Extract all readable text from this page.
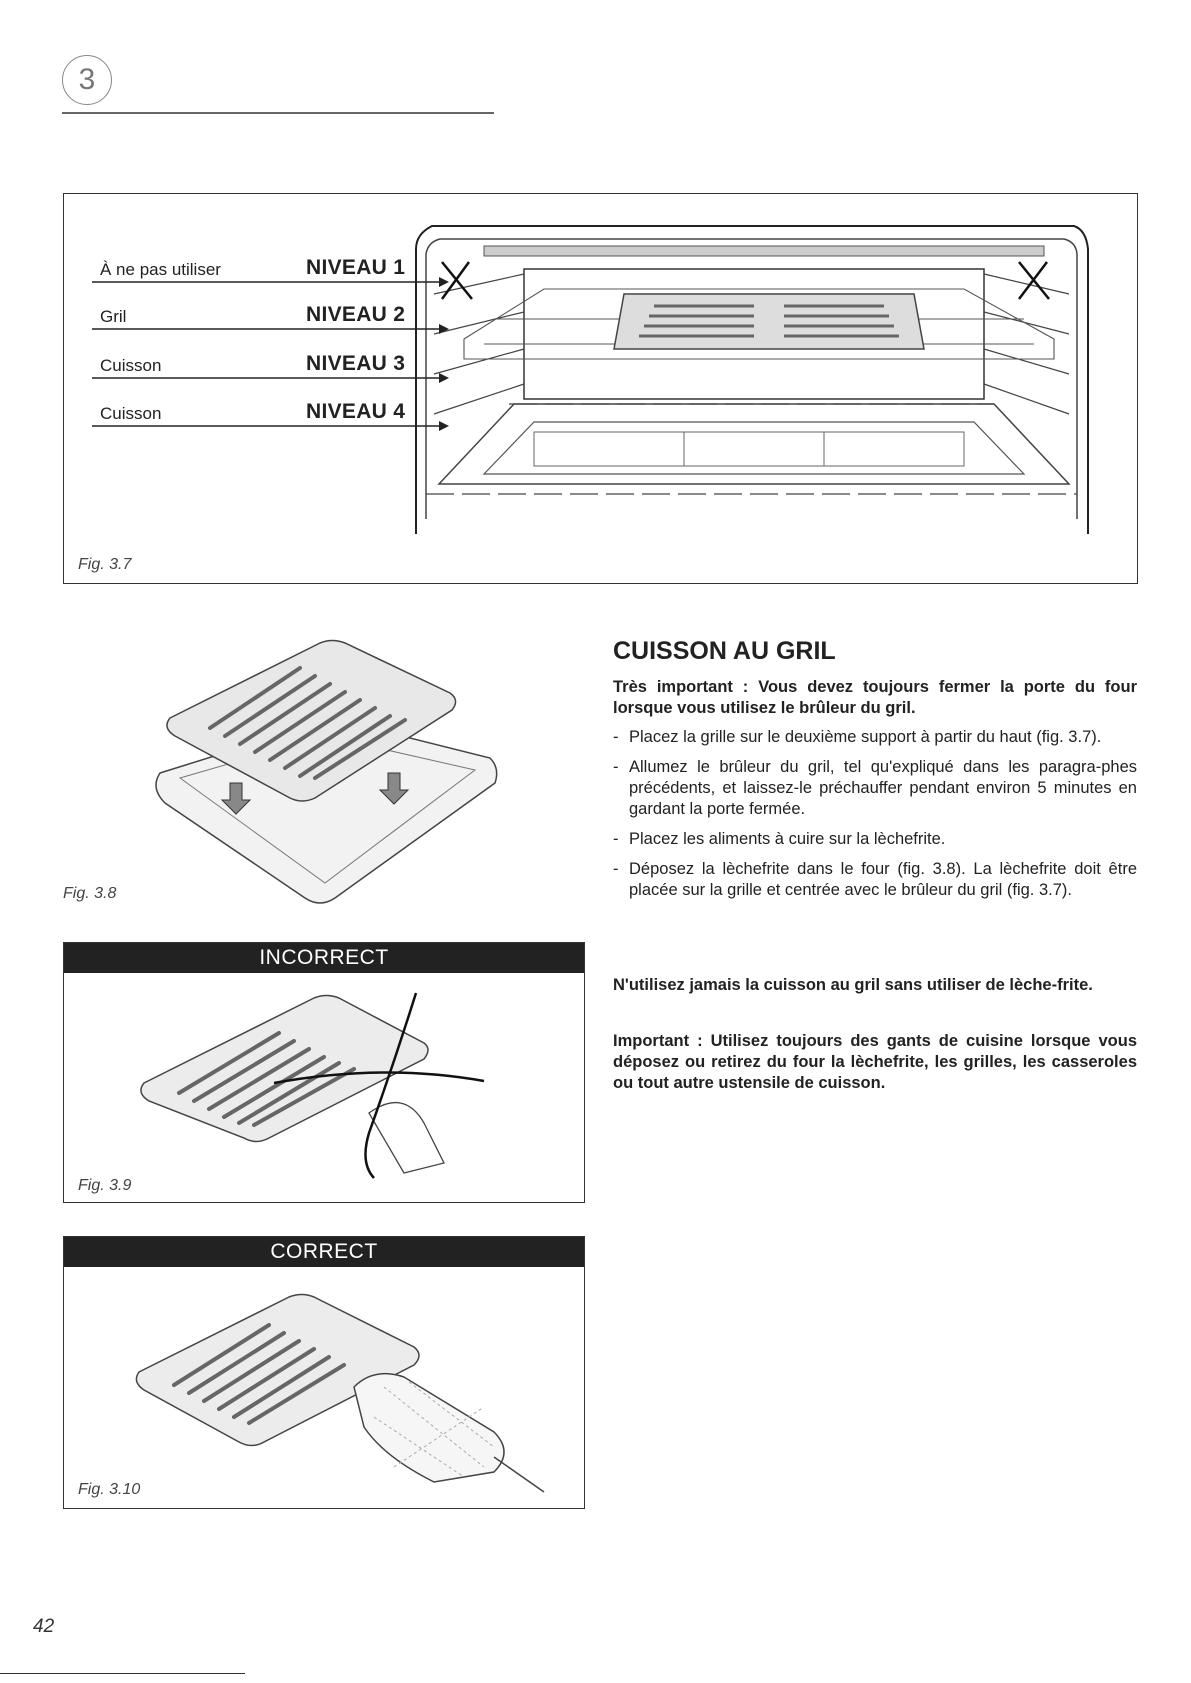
3
À ne pas utiliser	NIVEAU 1
Gril	NIVEAU 2
Cuisson	NIVEAU 3
Cuisson	NIVEAU 4
Fig. 3.7
Fig. 3.8
INCORRECT
Fig. 3.9
CORRECT
Fig. 3.10
CUISSON AU GRIL
Très important : Vous devez toujours fermer la porte du four lorsque vous utilisez le brûleur du gril.
- Placez la grille sur le deuxième support à partir du haut (fig. 3.7).
- Allumez le brûleur du gril, tel qu'expliqué dans les paragra-phes précédents, et laissez-le préchauffer pendant environ 5 minutes en gardant la porte fermée.
- Placez les aliments à cuire sur la lèchefrite.
- Déposez la lèchefrite dans le four (fig. 3.8). La lèchefrite doit être placée sur la grille et centrée avec le brûleur du gril (fig. 3.7).
N'utilisez jamais la cuisson au gril sans utiliser de lèche-frite.
Important : Utilisez toujours des gants de cuisine lorsque vous déposez ou retirez du four la lèchefrite, les grilles, les casseroles ou tout autre ustensile de cuisson.
42
